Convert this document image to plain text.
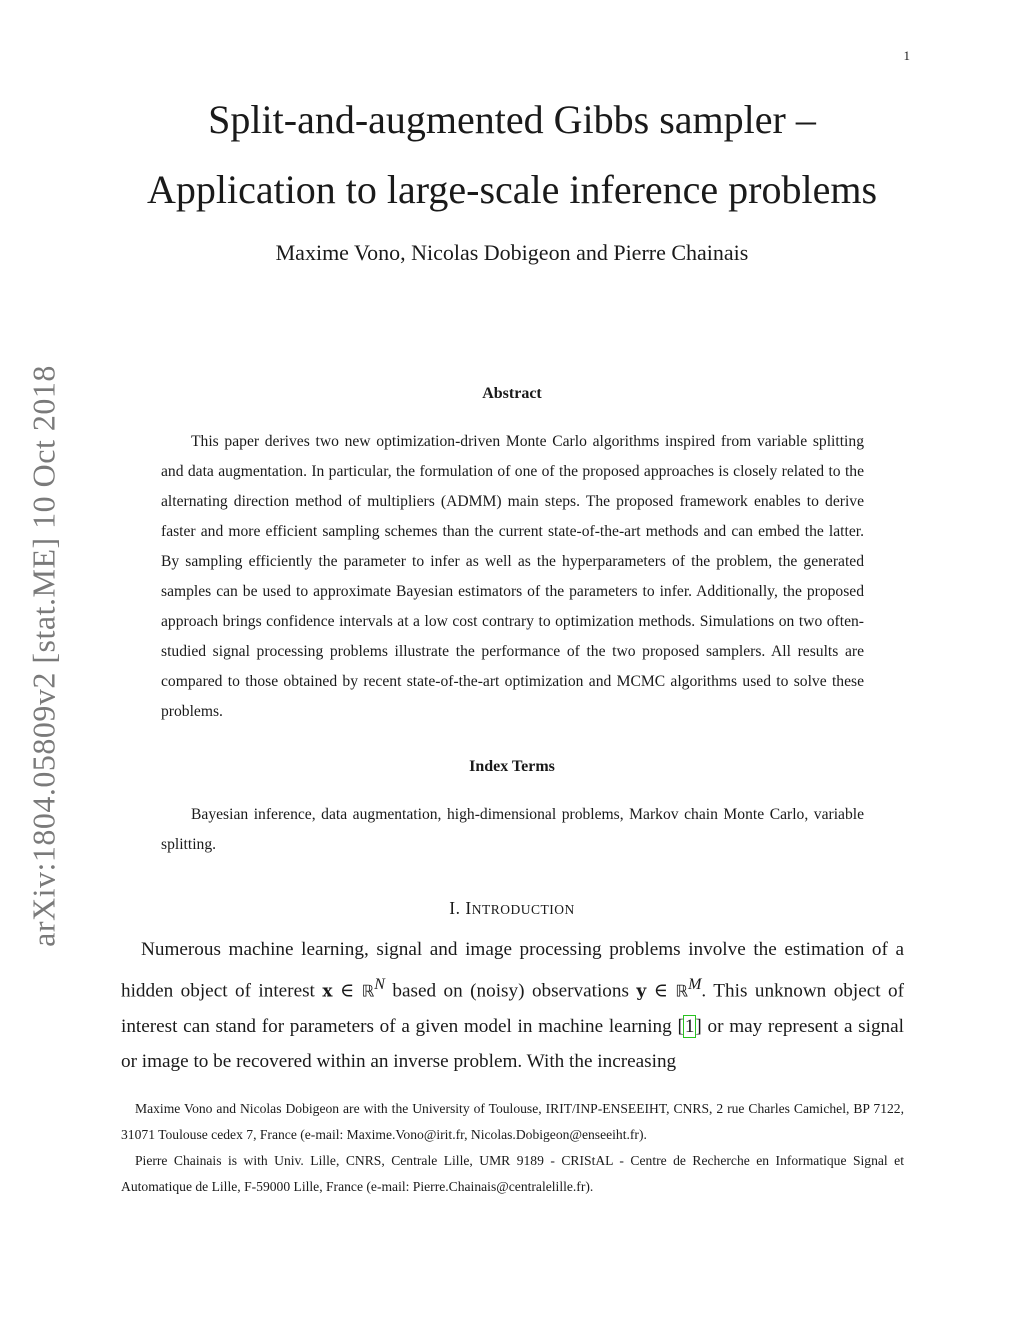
1
Split-and-augmented Gibbs sampler –
Application to large-scale inference problems
Maxime Vono, Nicolas Dobigeon and Pierre Chainais
arXiv:1804.05809v2 [stat.ME] 10 Oct 2018	Abstract
This paper derives two new optimization-driven Monte Carlo algorithms inspired from variable splitting and data augmentation. In particular, the formulation of one of the proposed approaches is closely related to the alternating direction method of multipliers (ADMM) main steps. The proposed framework enables to derive faster and more efficient sampling schemes than the current state-of-the-art methods and can embed the latter. By sampling efficiently the parameter to infer as well as the hyperparameters of the problem, the generated samples can be used to approximate Bayesian estimators of the parameters to infer. Additionally, the proposed approach brings confidence intervals at a low cost contrary to optimization methods. Simulations on two often-studied signal processing problems illustrate the performance of the two proposed samplers. All results are compared to those obtained by recent state-of-the-art optimization and MCMC algorithms used to solve these problems.
Index Terms
Bayesian inference, data augmentation, high-dimensional problems, Markov chain Monte Carlo, variable splitting.
I. INTRODUCTION
Numerous machine learning, signal and image processing problems involve the estimation of a hidden object of interest x ∈ ℝ$^N$ based on (noisy) observations y ∈ ℝ$^M$. This unknown object of interest can stand for parameters of a given model in machine learning [1] or may represent a signal or image to be recovered within an inverse problem. With the increasing
Maxime Vono and Nicolas Dobigeon are with the University of Toulouse, IRIT/INP-ENSEEIHT, CNRS, 2 rue Charles Camichel, BP 7122, 31071 Toulouse cedex 7, France (e-mail: Maxime.Vono@irit.fr, Nicolas.Dobigeon@enseeiht.fr).
Pierre Chainais is with Univ. Lille, CNRS, Centrale Lille, UMR 9189 - CRIStAL - Centre de Recherche en Informatique Signal et Automatique de Lille, F-59000 Lille, France (e-mail: Pierre.Chainais@centralelille.fr).
